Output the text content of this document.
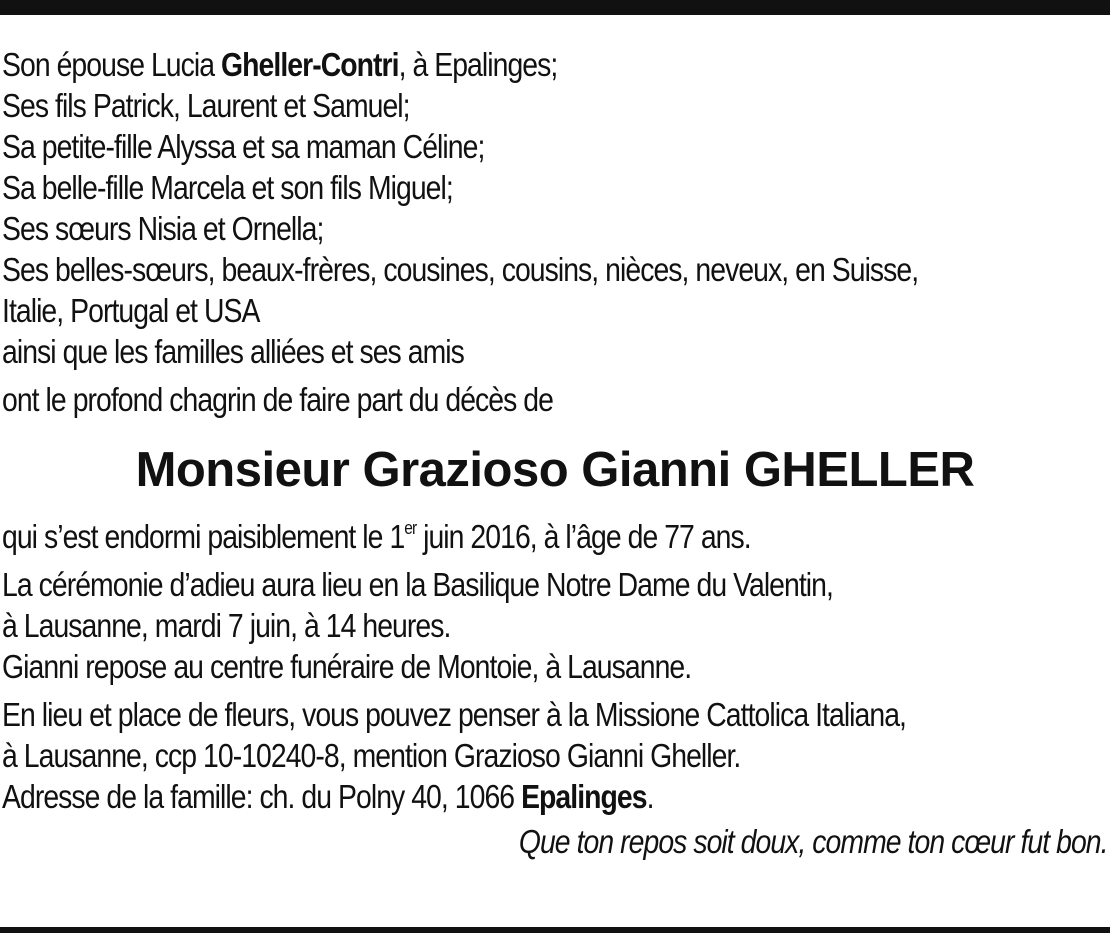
Son épouse Lucia Gheller-Contri, à Epalinges;
Ses fils Patrick, Laurent et Samuel;
Sa petite-fille Alyssa et sa maman Céline;
Sa belle-fille Marcela et son fils Miguel;
Ses sœurs Nisia et Ornella;
Ses belles-sœurs, beaux-frères, cousines, cousins, nièces, neveux, en Suisse,
Italie, Portugal et USA
ainsi que les familles alliées et ses amis
ont le profond chagrin de faire part du décès de
Monsieur Grazioso Gianni GHELLER
qui s’est endormi paisiblement le 1er juin 2016, à l’âge de 77 ans.
La cérémonie d’adieu aura lieu en la Basilique Notre Dame du Valentin,
à Lausanne, mardi 7 juin, à 14 heures.
Gianni repose au centre funéraire de Montoie, à Lausanne.
En lieu et place de fleurs, vous pouvez penser à la Missione Cattolica Italiana,
à Lausanne, ccp 10-10240-8, mention Grazioso Gianni Gheller.
Adresse de la famille: ch. du Polny 40, 1066 Epalinges.
Que ton repos soit doux, comme ton cœur fut bon.
